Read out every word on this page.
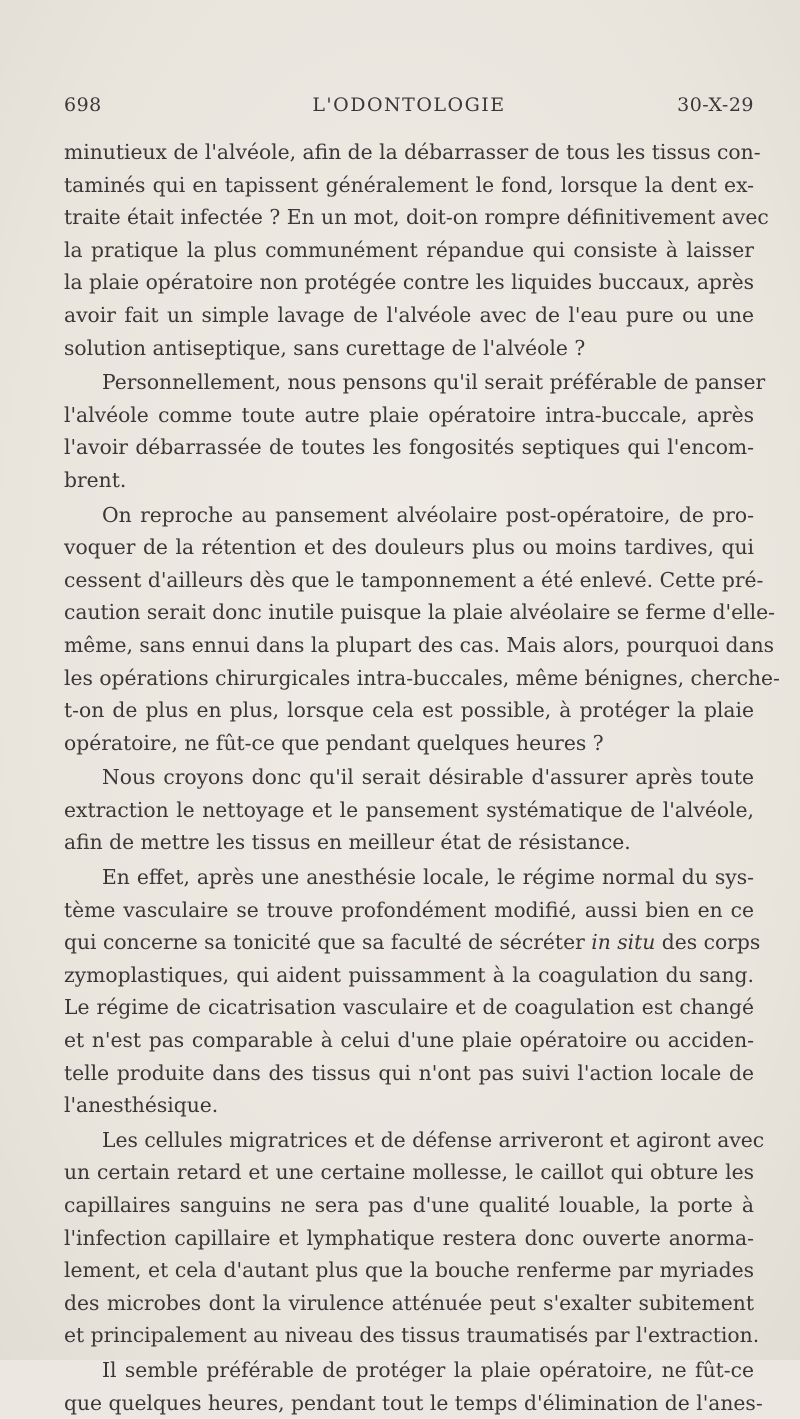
698	L'ODONTOLOGIE	30-X-29
minutieux de l'alvéole, afin de la débarrasser de tous les tissus con-
taminés qui en tapissent généralement le fond, lorsque la dent ex-
traite était infectée ? En un mot, doit-on rompre définitivement avec
la pratique la plus communément répandue qui consiste à laisser
la plaie opératoire non protégée contre les liquides buccaux, après
avoir fait un simple lavage de l'alvéole avec de l'eau pure ou une
solution antiseptique, sans curettage de l'alvéole ?
Personnellement, nous pensons qu'il serait préférable de panser
l'alvéole comme toute autre plaie opératoire intra-buccale, après
l'avoir débarrassée de toutes les fongosités septiques qui l'encom-
brent.
On reproche au pansement alvéolaire post-opératoire, de pro-
voquer de la rétention et des douleurs plus ou moins tardives, qui
cessent d'ailleurs dès que le tamponnement a été enlevé. Cette pré-
caution serait donc inutile puisque la plaie alvéolaire se ferme d'elle-
même, sans ennui dans la plupart des cas. Mais alors, pourquoi dans
les opérations chirurgicales intra-buccales, même bénignes, cherche-
t-on de plus en plus, lorsque cela est possible, à protéger la plaie
opératoire, ne fût-ce que pendant quelques heures ?
Nous croyons donc qu'il serait désirable d'assurer après toute
extraction le nettoyage et le pansement systématique de l'alvéole,
afin de mettre les tissus en meilleur état de résistance.
En effet, après une anesthésie locale, le régime normal du sys-
tème vasculaire se trouve profondément modifié, aussi bien en ce
qui concerne sa tonicité que sa faculté de sécréter in situ des corps
zymoplastiques, qui aident puissamment à la coagulation du sang.
Le régime de cicatrisation vasculaire et de coagulation est changé
et n'est pas comparable à celui d'une plaie opératoire ou acciden-
telle produite dans des tissus qui n'ont pas suivi l'action locale de
l'anesthésique.
Les cellules migratrices et de défense arriveront et agiront avec
un certain retard et une certaine mollesse, le caillot qui obture les
capillaires sanguins ne sera pas d'une qualité louable, la porte à
l'infection capillaire et lymphatique restera donc ouverte anorma-
lement, et cela d'autant plus que la bouche renferme par myriades
des microbes dont la virulence atténuée peut s'exalter subitement
et principalement au niveau des tissus traumatisés par l'extraction.
Il semble préférable de protéger la plaie opératoire, ne fût-ce
que quelques heures, pendant tout le temps d'élimination de l'anes-
